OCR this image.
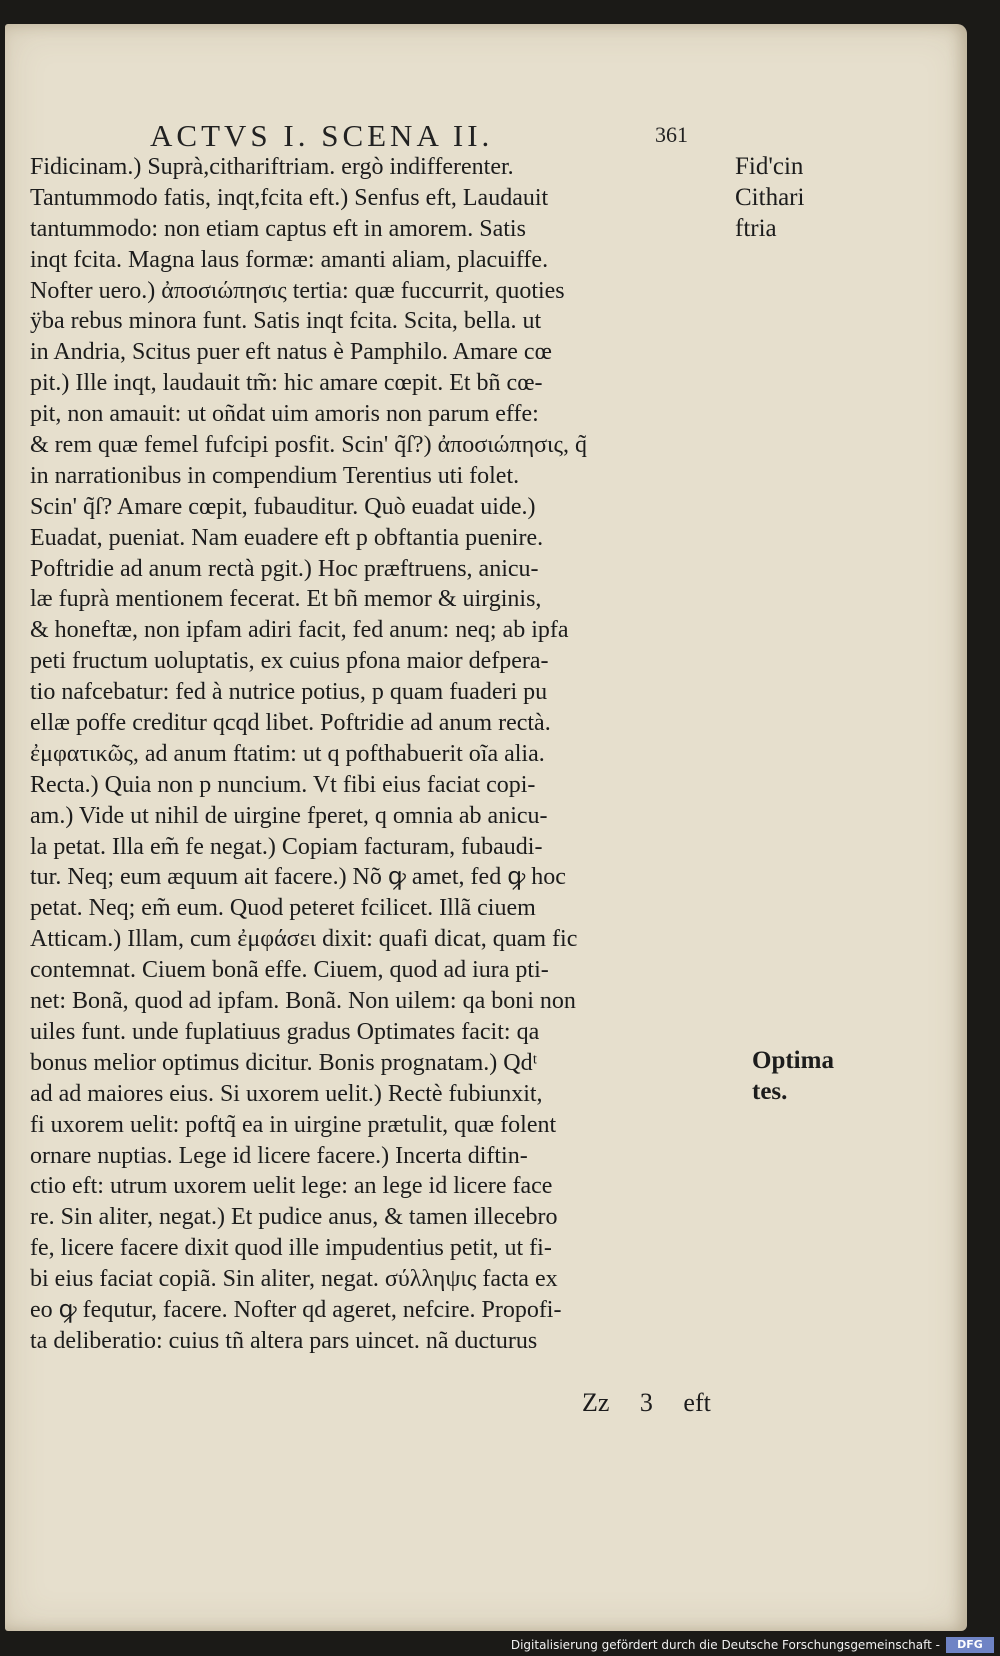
ACTVS I. SCENA II.	361
Fidicinam.) Suprà,cithariftriam. ergò indifferenter.
Tantummodo fatis, inqt,fcita eft.) Senfus eft, Laudauit
tantummodo: non etiam captus eft in amorem. Satis
inqt fcita. Magna laus formæ: amanti aliam, placuiffe.
Nofter uero.) ἀποσιώπησις tertia: quæ fuccurrit, quoties
ÿba rebus minora funt. Satis inqt fcita. Scita, bella. ut
in Andria, Scitus puer eft natus è Pamphilo. Amare cœ
pit.) Ille inqt, laudauit tm̃: hic amare cœpit. Et bñ cœ-
pit, non amauit: ut oñdat uim amoris non parum effe:
& rem quæ femel fufcipi posfit. Scin' q̃ſ?) ἀποσιώπησις, q̃
in narrationibus in compendium Terentius uti folet.
Scin' q̃ſ? Amare cœpit, fubauditur. Quò euadat uide.)
Euadat, pueniat. Nam euadere eft p obftantia puenire.
Poftridie ad anum rectà pgit.) Hoc præftruens, anicu-
læ fuprà mentionem fecerat. Et bñ memor & uirginis,
& honeftæ, non ipfam adiri facit, fed anum: neq; ab ipfa
peti fructum uoluptatis, ex cuius pfona maior defpera-
tio nafcebatur: fed à nutrice potius, p quam fuaderi pu
ellæ poffe creditur qcqd libet. Poftridie ad anum rectà.
ἐμφατικῶς, ad anum ftatim: ut q pofthabuerit oĩa alia.
Recta.) Quia non p nuncium. Vt fibi eius faciat copi-
am.) Vide ut nihil de uirgine fperet, q omnia ab anicu-
la petat. Illa em̃ fe negat.) Copiam facturam, fubaudi-
tur. Neq; eum æquum ait facere.) Nõ ꝙ amet, fed ꝙ hoc
petat. Neq; em̃ eum. Quod peteret fcilicet. Illã ciuem
Atticam.) Illam, cum ἐμφάσει dixit: quafi dicat, quam fic
contemnat. Ciuem bonã effe. Ciuem, quod ad iura pti-
net: Bonã, quod ad ipfam. Bonã. Non uilem: qa boni non
uiles funt. unde fuplatiuus gradus Optimates facit: qa
bonus melior optimus dicitur. Bonis prognatam.) Qdᵗ
ad ad maiores eius. Si uxorem uelit.) Rectè fubiunxit,
fi uxorem uelit: poftq̃ ea in uirgine prætulit, quæ folent
ornare nuptias. Lege id licere facere.) Incerta diftin-
ctio eft: utrum uxorem uelit lege: an lege id licere face
re. Sin aliter, negat.) Et pudice anus, & tamen illecebro
fe, licere facere dixit quod ille impudentius petit, ut fi-
bi eius faciat copiã. Sin aliter, negat. σύλληψις facta ex
eo ꝙ fequtur, facere. Nofter qd ageret, nefcire. Propofi-
ta deliberatio: cuius tñ altera pars uincet. nã ducturus
Fid'cin
Cithari
ftria
Optima
tes.
Zz 3 eft
Digitalisierung gefördert durch die Deutsche Forschungsgemeinschaft -	DFG
